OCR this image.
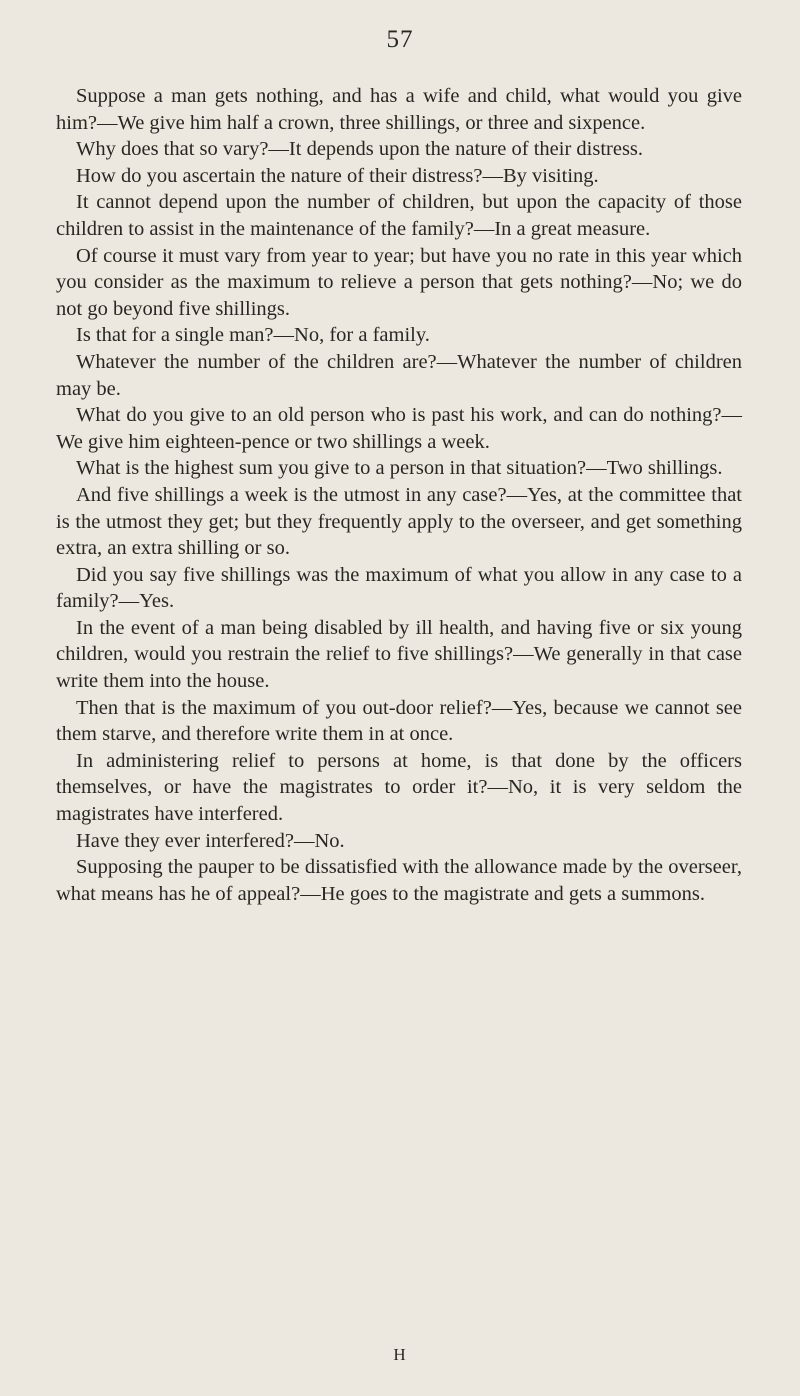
57

Suppose a man gets nothing, and has a wife and child, what would you give him?—We give him half a crown, three shillings, or three and sixpence.

Why does that so vary?—It depends upon the nature of their distress.

How do you ascertain the nature of their distress?—By visiting.

It cannot depend upon the number of children, but upon the capacity of those children to assist in the maintenance of the family?—In a great measure.

Of course it must vary from year to year; but have you no rate in this year which you consider as the maximum to relieve a person that gets nothing?—No; we do not go beyond five shillings.

Is that for a single man?—No, for a family.

Whatever the number of the children are?—Whatever the number of children may be.

What do you give to an old person who is past his work, and can do nothing?—We give him eighteen-pence or two shillings a week.

What is the highest sum you give to a person in that situation?—Two shillings.

And five shillings a week is the utmost in any case?—Yes, at the committee that is the utmost they get; but they frequently apply to the overseer, and get something extra, an extra shilling or so.

Did you say five shillings was the maximum of what you allow in any case to a family?—Yes.

In the event of a man being disabled by ill health, and having five or six young children, would you restrain the relief to five shillings?—We generally in that case write them into the house.

Then that is the maximum of you out-door relief?—Yes, because we cannot see them starve, and therefore write them in at once.

In administering relief to persons at home, is that done by the officers themselves, or have the magistrates to order it?—No, it is very seldom the magistrates have interfered.

Have they ever interfered?—No.

Supposing the pauper to be dissatisfied with the allowance made by the overseer, what means has he of appeal?—He goes to the magistrate and gets a summons.

H
